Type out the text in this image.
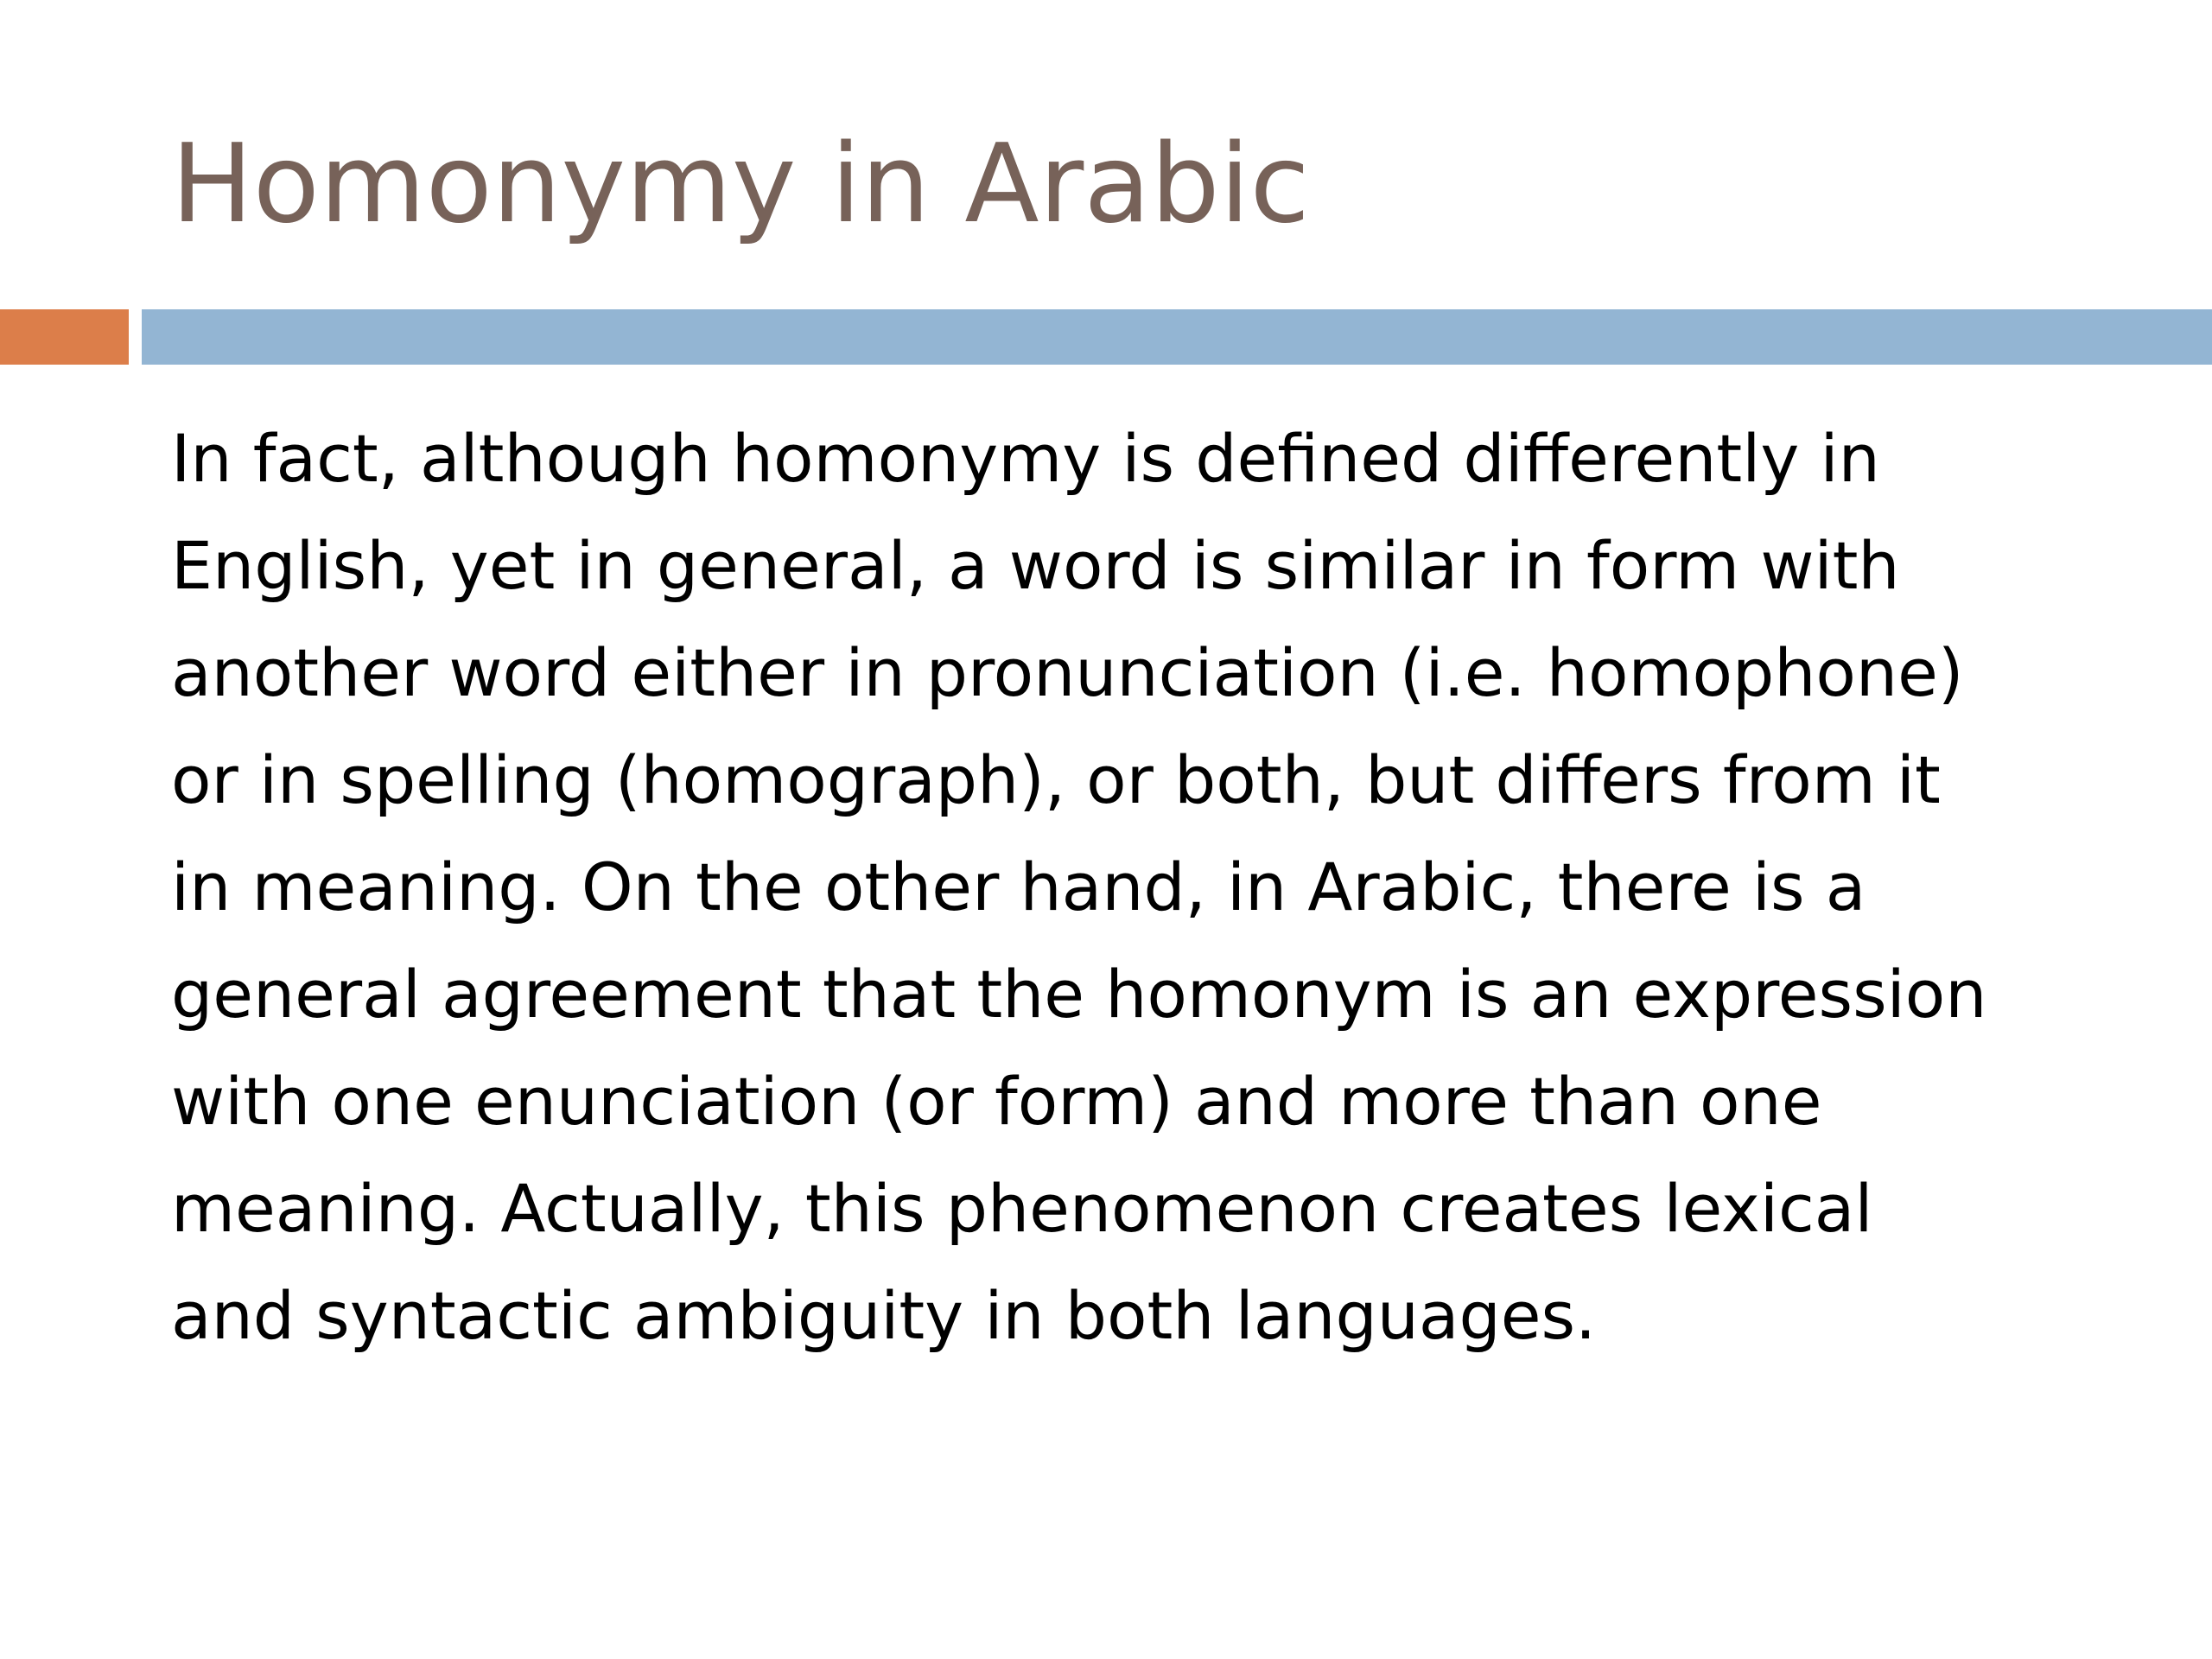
Homonymy in Arabic

In fact, although homonymy is defined differently in
English, yet in general, a word is similar in form with
another word either in pronunciation (i.e. homophone)
or in spelling (homograph), or both, but differs from it
in meaning. On the other hand, in Arabic, there is a
general agreement that the homonym is an expression
with one enunciation (or form) and more than one
meaning. Actually, this phenomenon creates lexical
and syntactic ambiguity in both languages.
